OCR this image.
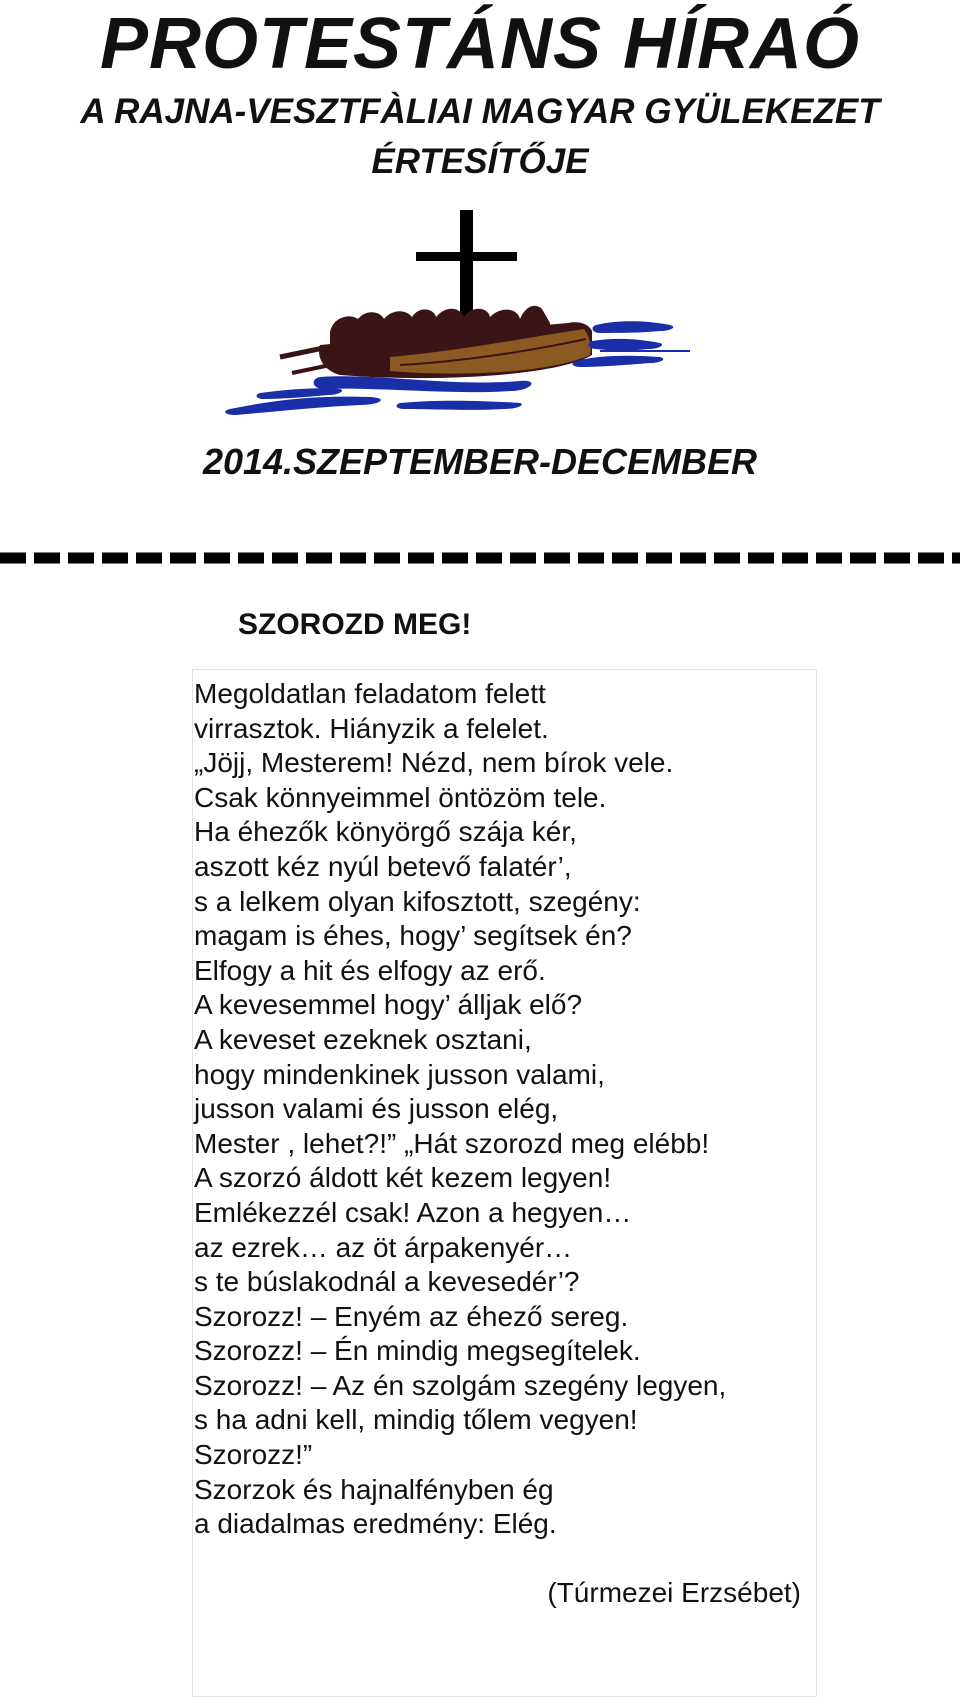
PROTESTÁNS HÍRAÓ
A RAJNA-VESZTFÀLIAI MAGYAR GYÜLEKEZET
ÉRTESÍTŐJE
2014.SZEPTEMBER-DECEMBER
SZOROZD MEG!
Megoldatlan feladatom felett
virrasztok. Hiányzik a felelet.
„Jöjj, Mesterem! Nézd, nem bírok vele.
Csak könnyeimmel öntözöm tele.
Ha éhezők könyörgő szája kér,
aszott kéz nyúl betevő falatér’,
s a lelkem olyan kifosztott, szegény:
magam is éhes, hogy’ segítsek én?
Elfogy a hit és elfogy az erő.
A kevesemmel hogy’ álljak elő?
A keveset ezeknek osztani,
hogy mindenkinek jusson valami,
jusson valami és jusson elég,
Mester , lehet?!” „Hát szorozd meg elébb!
A szorzó áldott két kezem legyen!
Emlékezzél csak! Azon a hegyen…
az ezrek… az öt árpakenyér…
s te búslakodnál a kevesedér’?
Szorozz! – Enyém az éhező sereg.
Szorozz! – Én mindig megsegítelek.
Szorozz! – Az én szolgám szegény legyen,
s ha adni kell, mindig tőlem vegyen!
Szorozz!”
Szorzok és hajnalfényben ég
a diadalmas eredmény: Elég.
(Túrmezei Erzsébet)
